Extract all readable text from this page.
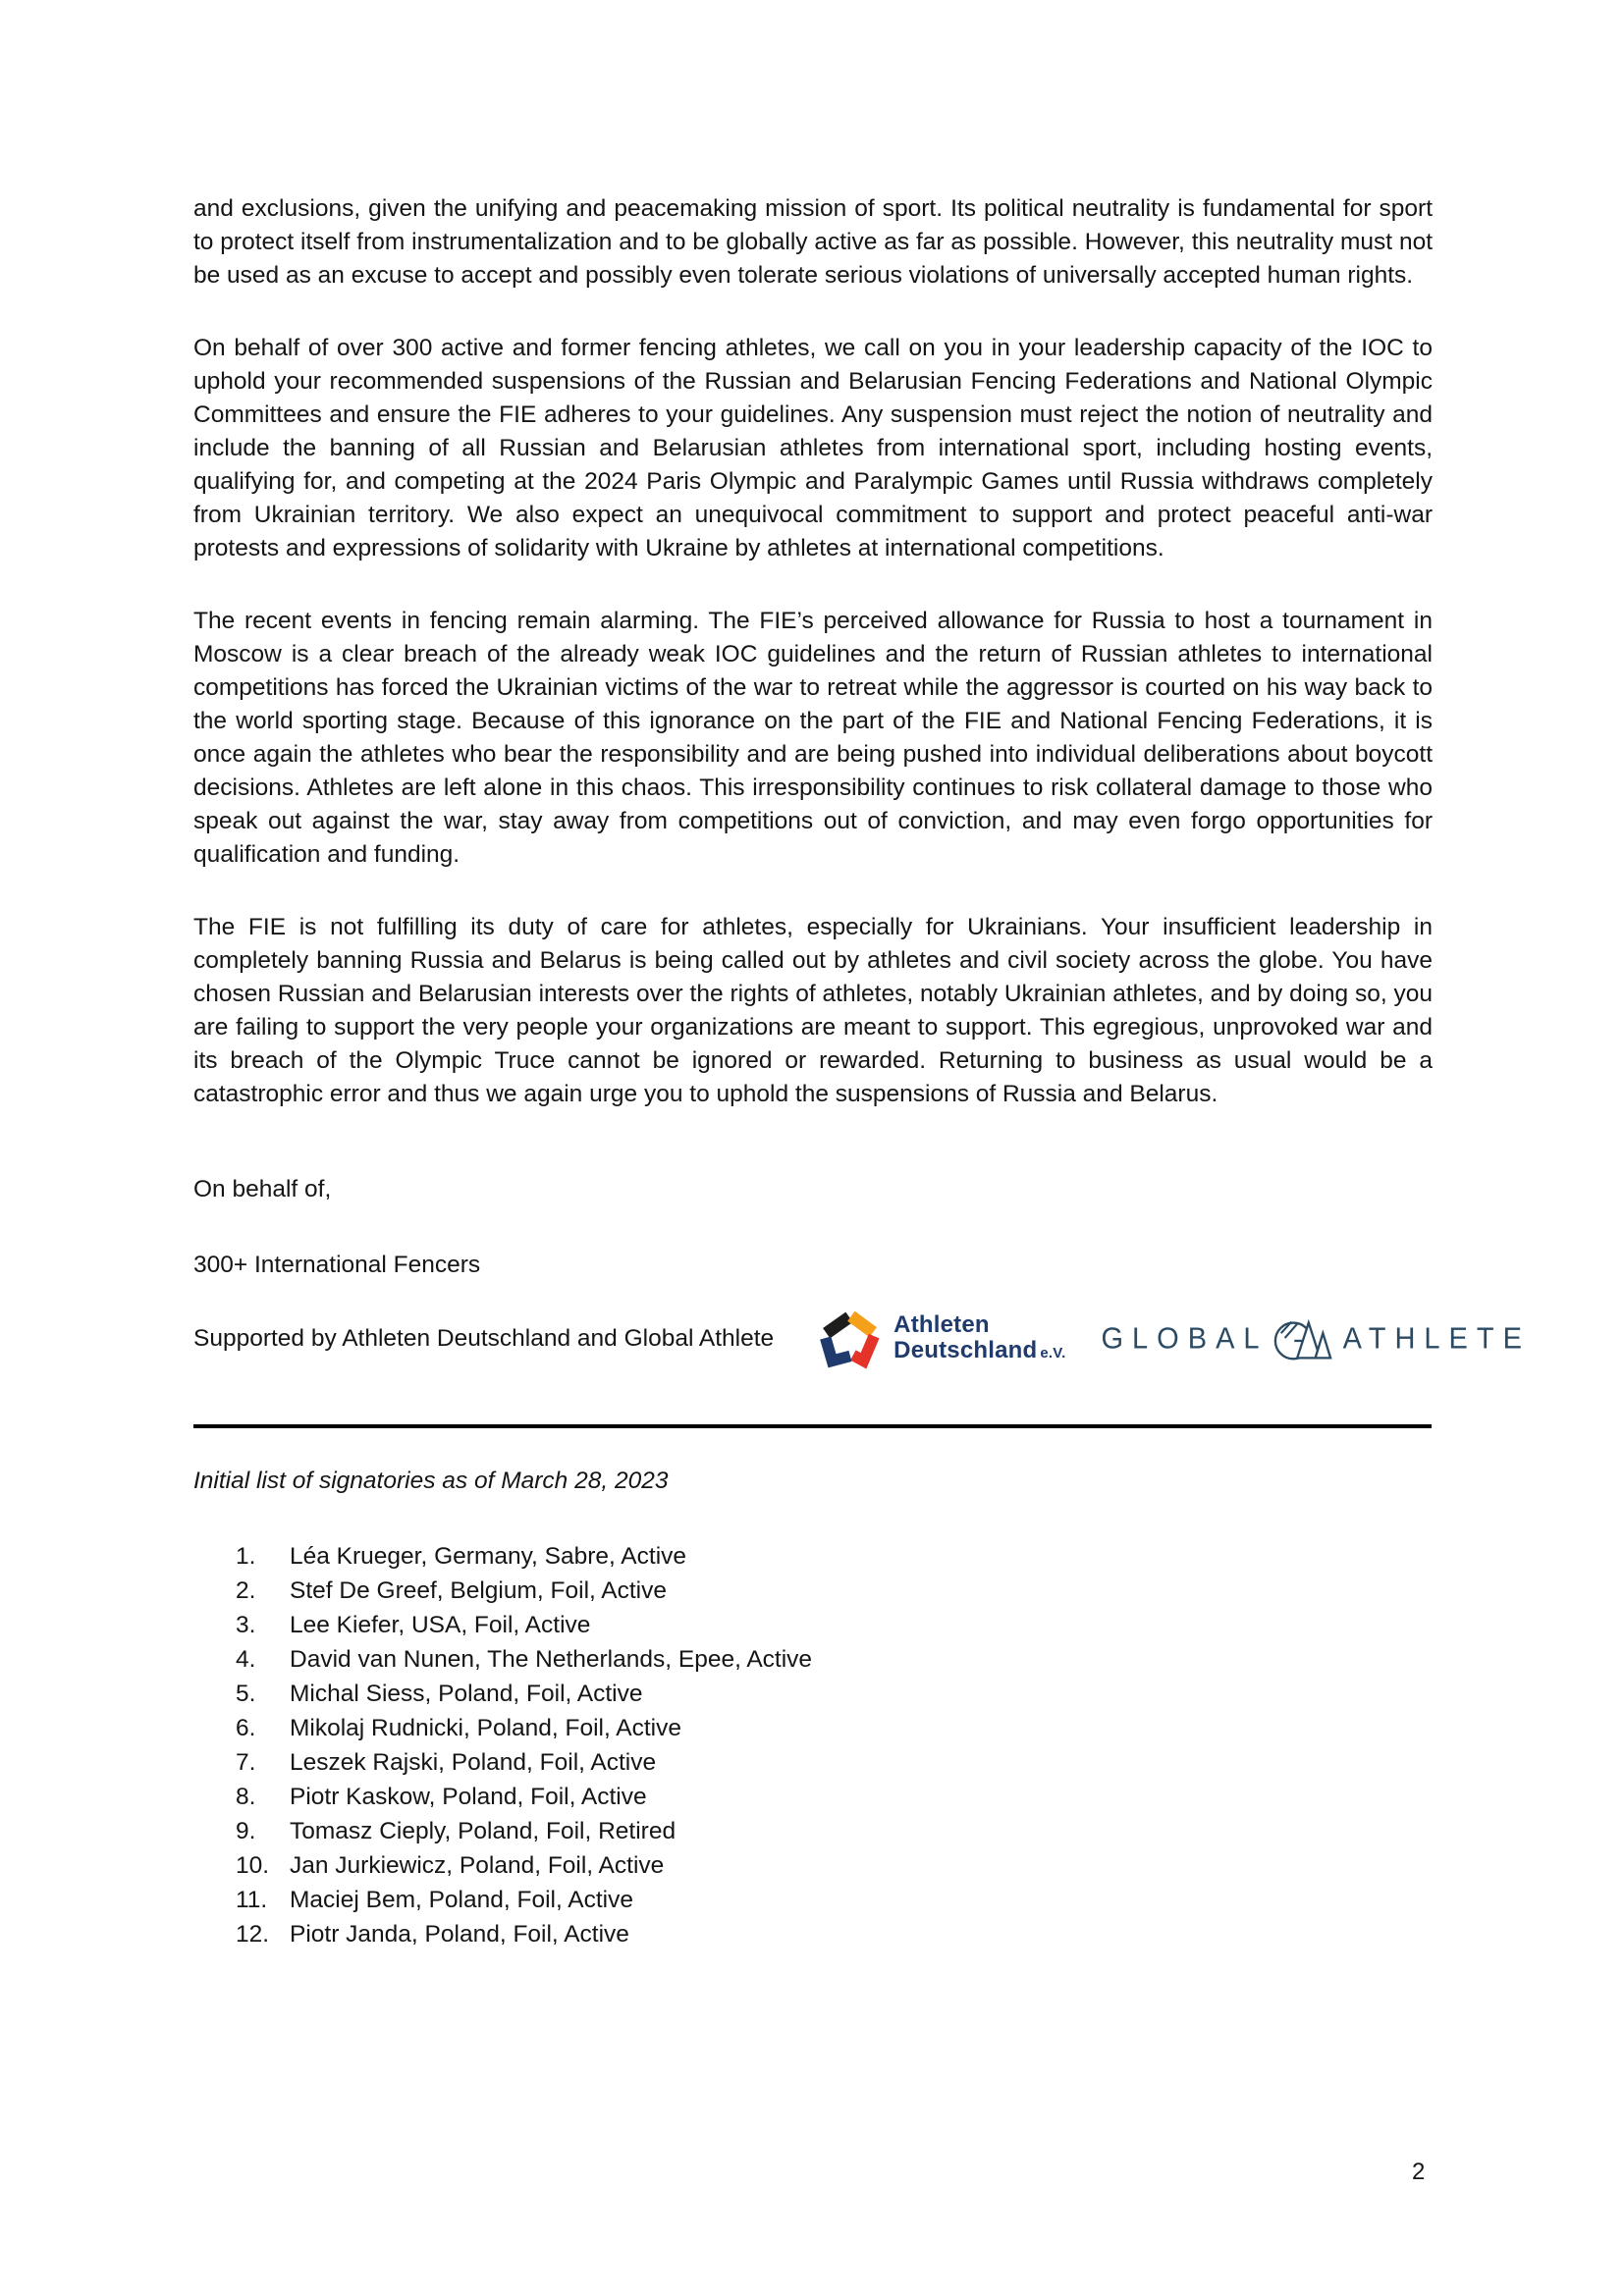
and exclusions, given the unifying and peacemaking mission of sport. Its political neutrality is fundamental for sport to protect itself from instrumentalization and to be globally active as far as possible. However, this neutrality must not be used as an excuse to accept and possibly even tolerate serious violations of universally accepted human rights.

On behalf of over 300 active and former fencing athletes, we call on you in your leadership capacity of the IOC to uphold your recommended suspensions of the Russian and Belarusian Fencing Federations and National Olympic Committees and ensure the FIE adheres to your guidelines. Any suspension must reject the notion of neutrality and include the banning of all Russian and Belarusian athletes from international sport, including hosting events, qualifying for, and competing at the 2024 Paris Olympic and Paralympic Games until Russia withdraws completely from Ukrainian territory. We also expect an unequivocal commitment to support and protect peaceful anti-war protests and expressions of solidarity with Ukraine by athletes at international competitions.

The recent events in fencing remain alarming. The FIE’s perceived allowance for Russia to host a tournament in Moscow is a clear breach of the already weak IOC guidelines and the return of Russian athletes to international competitions has forced the Ukrainian victims of the war to retreat while the aggressor is courted on his way back to the world sporting stage. Because of this ignorance on the part of the FIE and National Fencing Federations, it is once again the athletes who bear the responsibility and are being pushed into individual deliberations about boycott decisions. Athletes are left alone in this chaos. This irresponsibility continues to risk collateral damage to those who speak out against the war, stay away from competitions out of conviction, and may even forgo opportunities for qualification and funding.

The FIE is not fulfilling its duty of care for athletes, especially for Ukrainians. Your insufficient leadership in completely banning Russia and Belarus is being called out by athletes and civil society across the globe. You have chosen Russian and Belarusian interests over the rights of athletes, notably Ukrainian athletes, and by doing so, you are failing to support the very people your organizations are meant to support. This egregious, unprovoked war and its breach of the Olympic Truce cannot be ignored or rewarded. Returning to business as usual would be a catastrophic error and thus we again urge you to uphold the suspensions of Russia and Belarus.

On behalf of,

300+ International Fencers

Supported by Athleten Deutschland and Global Athlete
Athleten
Deutschland e.V. GLOBAL	ATHLETE

Initial list of signatories as of March 28, 2023

1.	Léa Krueger, Germany, Sabre, Active
2.	Stef De Greef, Belgium, Foil, Active
3.	Lee Kiefer, USA, Foil, Active
4.	David van Nunen, The Netherlands, Epee, Active
5.	Michal Siess, Poland, Foil, Active
6.	Mikolaj Rudnicki, Poland, Foil, Active
7.	Leszek Rajski, Poland, Foil, Active
8.	Piotr Kaskow, Poland, Foil, Active
9.	Tomasz Cieply, Poland, Foil, Retired
10. Jan Jurkiewicz, Poland, Foil, Active
11. Maciej Bem, Poland, Foil, Active
12. Piotr Janda, Poland, Foil, Active
2
